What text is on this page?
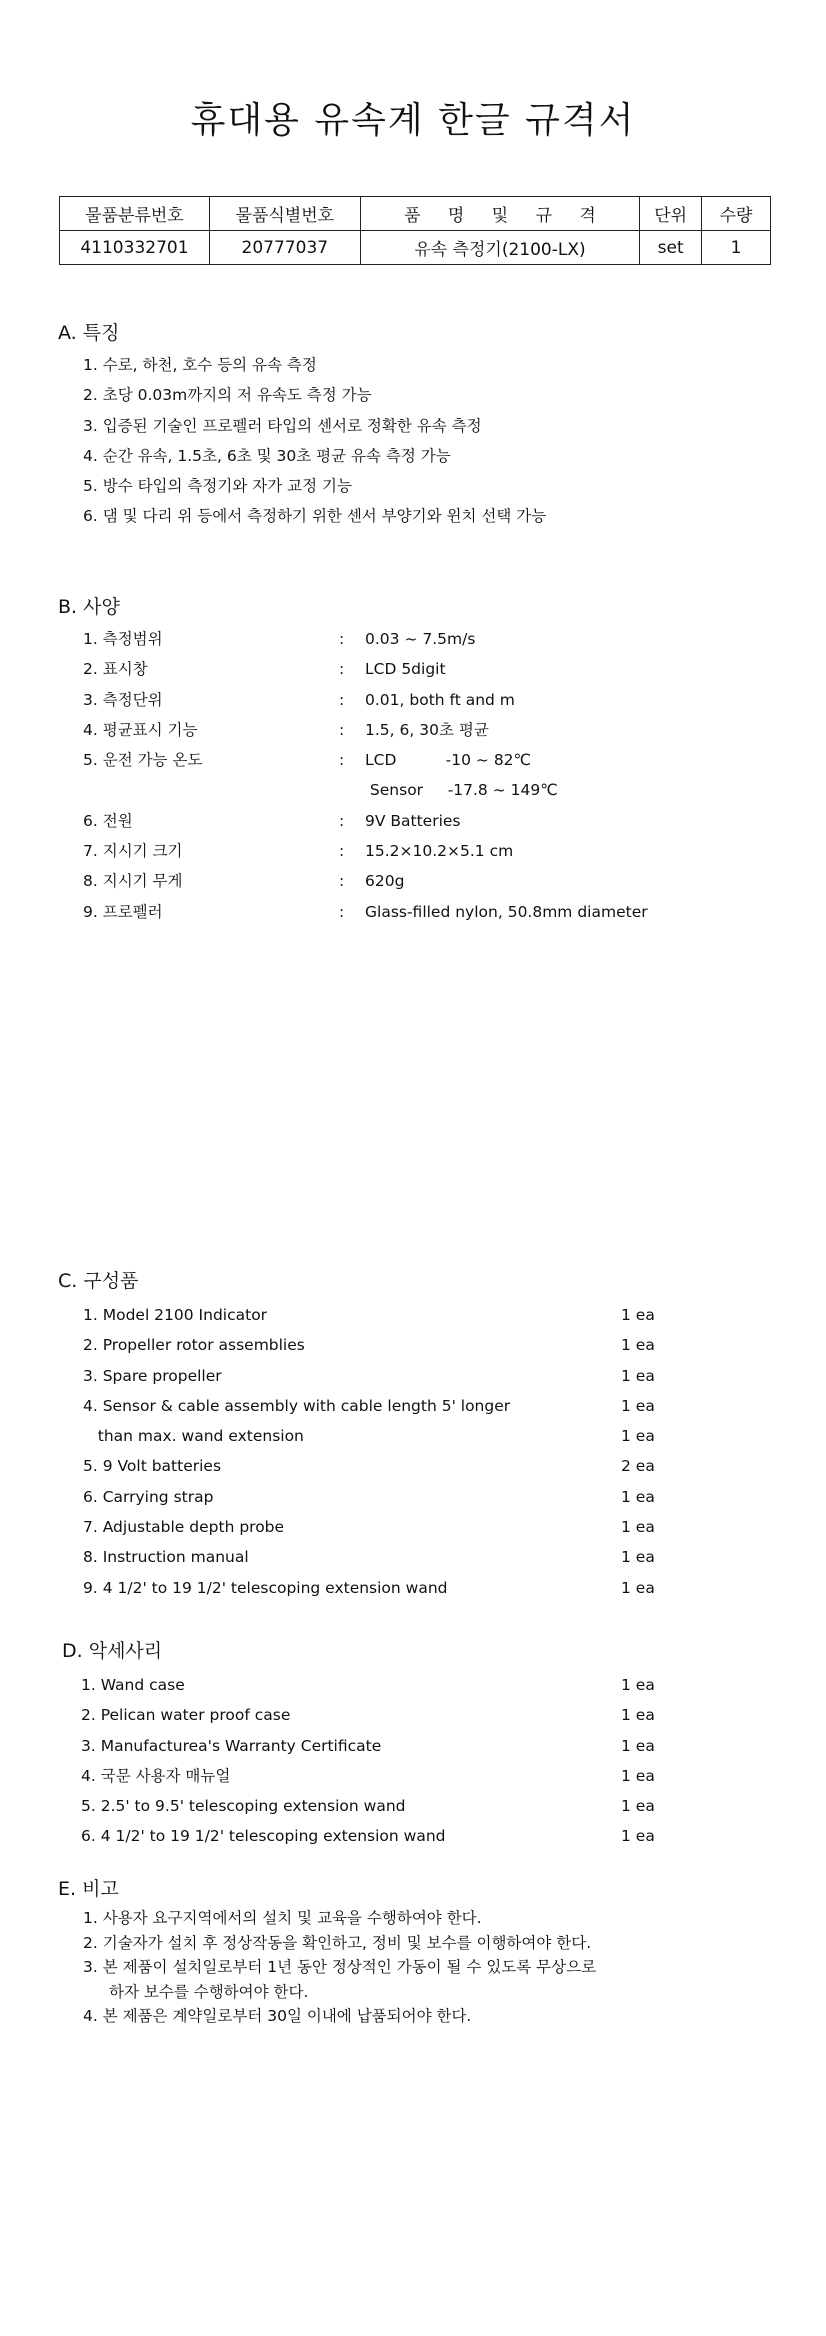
휴대용 유속계 한글 규격서
물품분류번호	물품식별번호	품 명 및 규 격	단위	수량
4110332701	20777037	유속 측정기(2100-LX)	set	1
A. 특징
1. 수로, 하천, 호수 등의 유속 측정
2. 초당 0.03m까지의 저 유속도 측정 가능
3. 입증된 기술인 프로펠러 타입의 센서로 정확한 유속 측정
4. 순간 유속, 1.5초, 6초 및 30초 평균 유속 측정 가능
5. 방수 타입의 측정기와 자가 교정 기능
6. 댐 및 다리 위 등에서 측정하기 위한 센서 부양기와 윈치 선택 가능
B. 사양
1. 측정범위	: 0.03 ~ 7.5m/s
2. 표시창	: LCD 5digit
3. 측정단위	: 0.01, both ft and m
4. 평균표시 기능	: 1.5, 6, 30초 평균
5. 운전 가능 온도	: LCD          -10 ~ 82℃
Sensor     -17.8 ~ 149℃
6. 전원	: 9V Batteries
7. 지시기 크기	: 15.2×10.2×5.1 cm
8. 지시기 무게	: 620g
9. 프로펠러	: Glass-filled nylon, 50.8mm diameter
C. 구성품
1. Model 2100 Indicator	1 ea
2. Propeller rotor assemblies	1 ea
3. Spare propeller	1 ea
4. Sensor & cable assembly with cable length 5' longer	1 ea
than max. wand extension	1 ea
5. 9 Volt batteries	2 ea
6. Carrying strap	1 ea
7. Adjustable depth probe	1 ea
8. Instruction manual	1 ea
9. 4 1/2' to 19 1/2' telescoping extension wand	1 ea
D. 악세사리
1. Wand case	1 ea
2. Pelican water proof case	1 ea
3. Manufacturea's Warranty Certificate	1 ea
4. 국문 사용자 매뉴얼	1 ea
5. 2.5' to 9.5' telescoping extension wand	1 ea
6. 4 1/2' to 19 1/2' telescoping extension wand	1 ea
E. 비고
1. 사용자 요구지역에서의 설치 및 교육을 수행하여야 한다.
2. 기술자가 설치 후 정상작동을 확인하고, 정비 및 보수를 이행하여야 한다.
3. 본 제품이 설치일로부터 1년 동안 정상적인 가동이 될 수 있도록 무상으로
하자 보수를 수행하여야 한다.
4. 본 제품은 계약일로부터 30일 이내에 납품되어야 한다.
